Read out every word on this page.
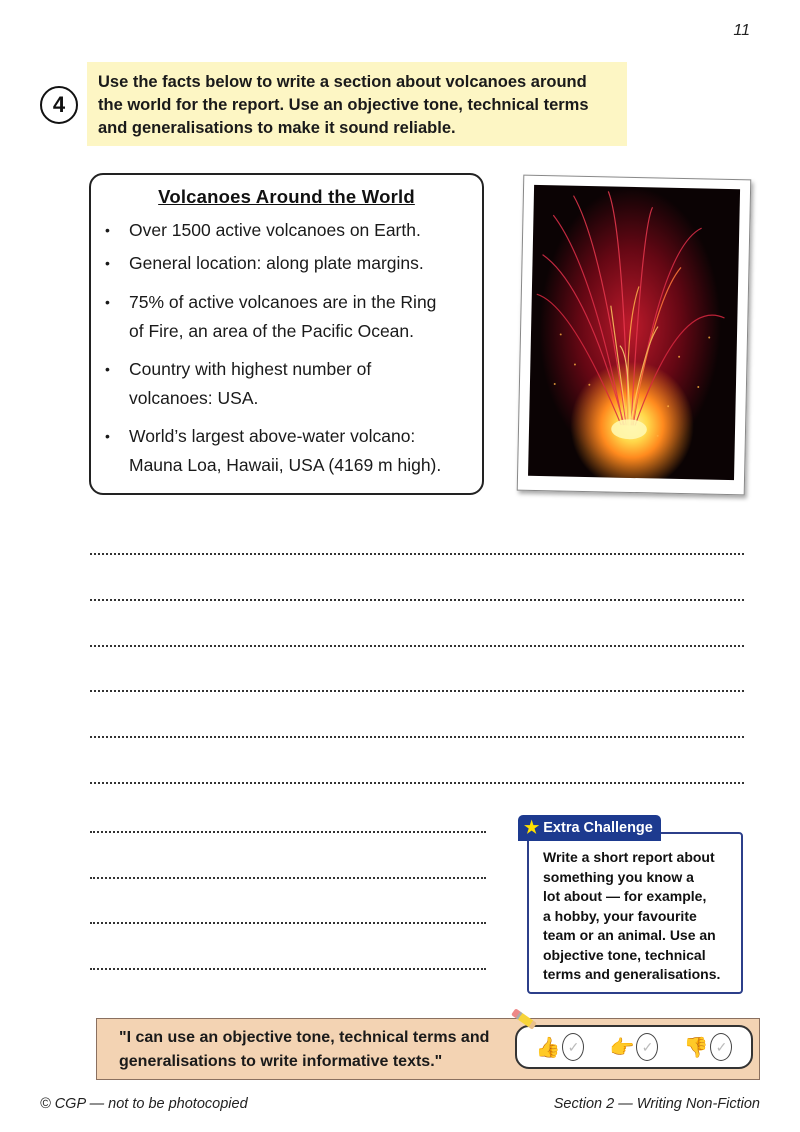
11
4
Use the facts below to write a section about volcanoes around
the world for the report. Use an objective tone, technical terms
and generalisations to make it sound reliable.
Volcanoes Around the World
• Over 1500 active volcanoes on Earth.
• General location: along plate margins.
• 75% of active volcanoes are in the Ring
of Fire, an area of the Pacific Ocean.
• Country with highest number of
volcanoes: USA.
• World’s largest above-water volcano:
Mauna Loa, Hawaii, USA (4169 m high).
Write a short report about
something you know a
lot about — for example,
a hobby, your favourite
team or an animal. Use an
objective tone, technical
terms and generalisations.
★ Extra Challenge
"I can use an objective tone, technical terms and
generalisations to write informative texts."
👍 ✓ 👉 ✓ 👎 ✓
© CGP — not to be photocopied	Section 2 — Writing Non-Fiction
